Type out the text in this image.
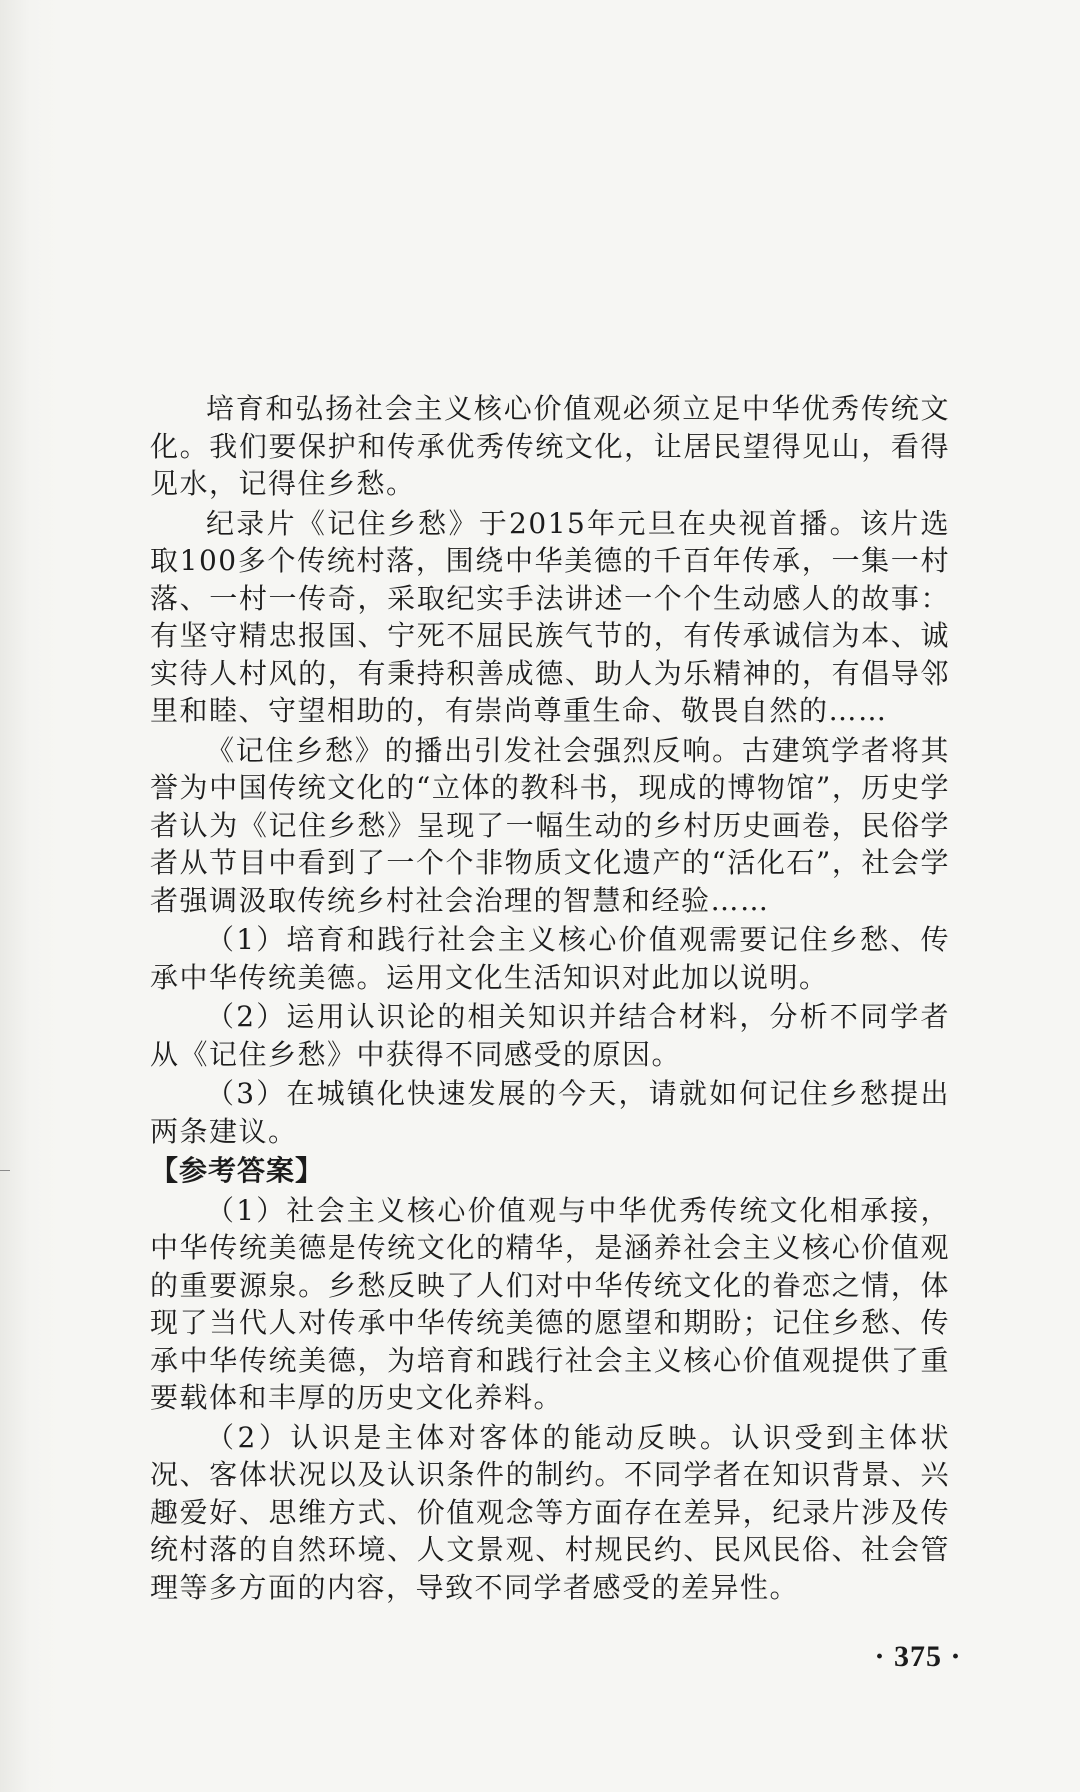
培育和弘扬社会主义核心价值观必须立足中华优秀传统文化。我们要保护和传承优秀传统文化，让居民望得见山，看得见水，记得住乡愁。

纪录片《记住乡愁》于2015年元旦在央视首播。该片选取100多个传统村落，围绕中华美德的千百年传承，一集一村落、一村一传奇，采取纪实手法讲述一个个生动感人的故事：有坚守精忠报国、宁死不屈民族气节的，有传承诚信为本、诚实待人村风的，有秉持积善成德、助人为乐精神的，有倡导邻里和睦、守望相助的，有崇尚尊重生命、敬畏自然的……

《记住乡愁》的播出引发社会强烈反响。古建筑学者将其誉为中国传统文化的“立体的教科书，现成的博物馆”，历史学者认为《记住乡愁》呈现了一幅生动的乡村历史画卷，民俗学者从节目中看到了一个个非物质文化遗产的“活化石”，社会学者强调汲取传统乡村社会治理的智慧和经验……

（1）培育和践行社会主义核心价值观需要记住乡愁、传承中华传统美德。运用文化生活知识对此加以说明。

（2）运用认识论的相关知识并结合材料，分析不同学者从《记住乡愁》中获得不同感受的原因。

（3）在城镇化快速发展的今天，请就如何记住乡愁提出两条建议。

【参考答案】

（1）社会主义核心价值观与中华优秀传统文化相承接，中华传统美德是传统文化的精华，是涵养社会主义核心价值观的重要源泉。乡愁反映了人们对中华传统文化的眷恋之情，体现了当代人对传承中华传统美德的愿望和期盼；记住乡愁、传承中华传统美德，为培育和践行社会主义核心价值观提供了重要载体和丰厚的历史文化养料。

（2）认识是主体对客体的能动反映。认识受到主体状况、客体状况以及认识条件的制约。不同学者在知识背景、兴趣爱好、思维方式、价值观念等方面存在差异，纪录片涉及传统村落的自然环境、人文景观、村规民约、民风民俗、社会管理等多方面的内容，导致不同学者感受的差异性。

· 375 ·
